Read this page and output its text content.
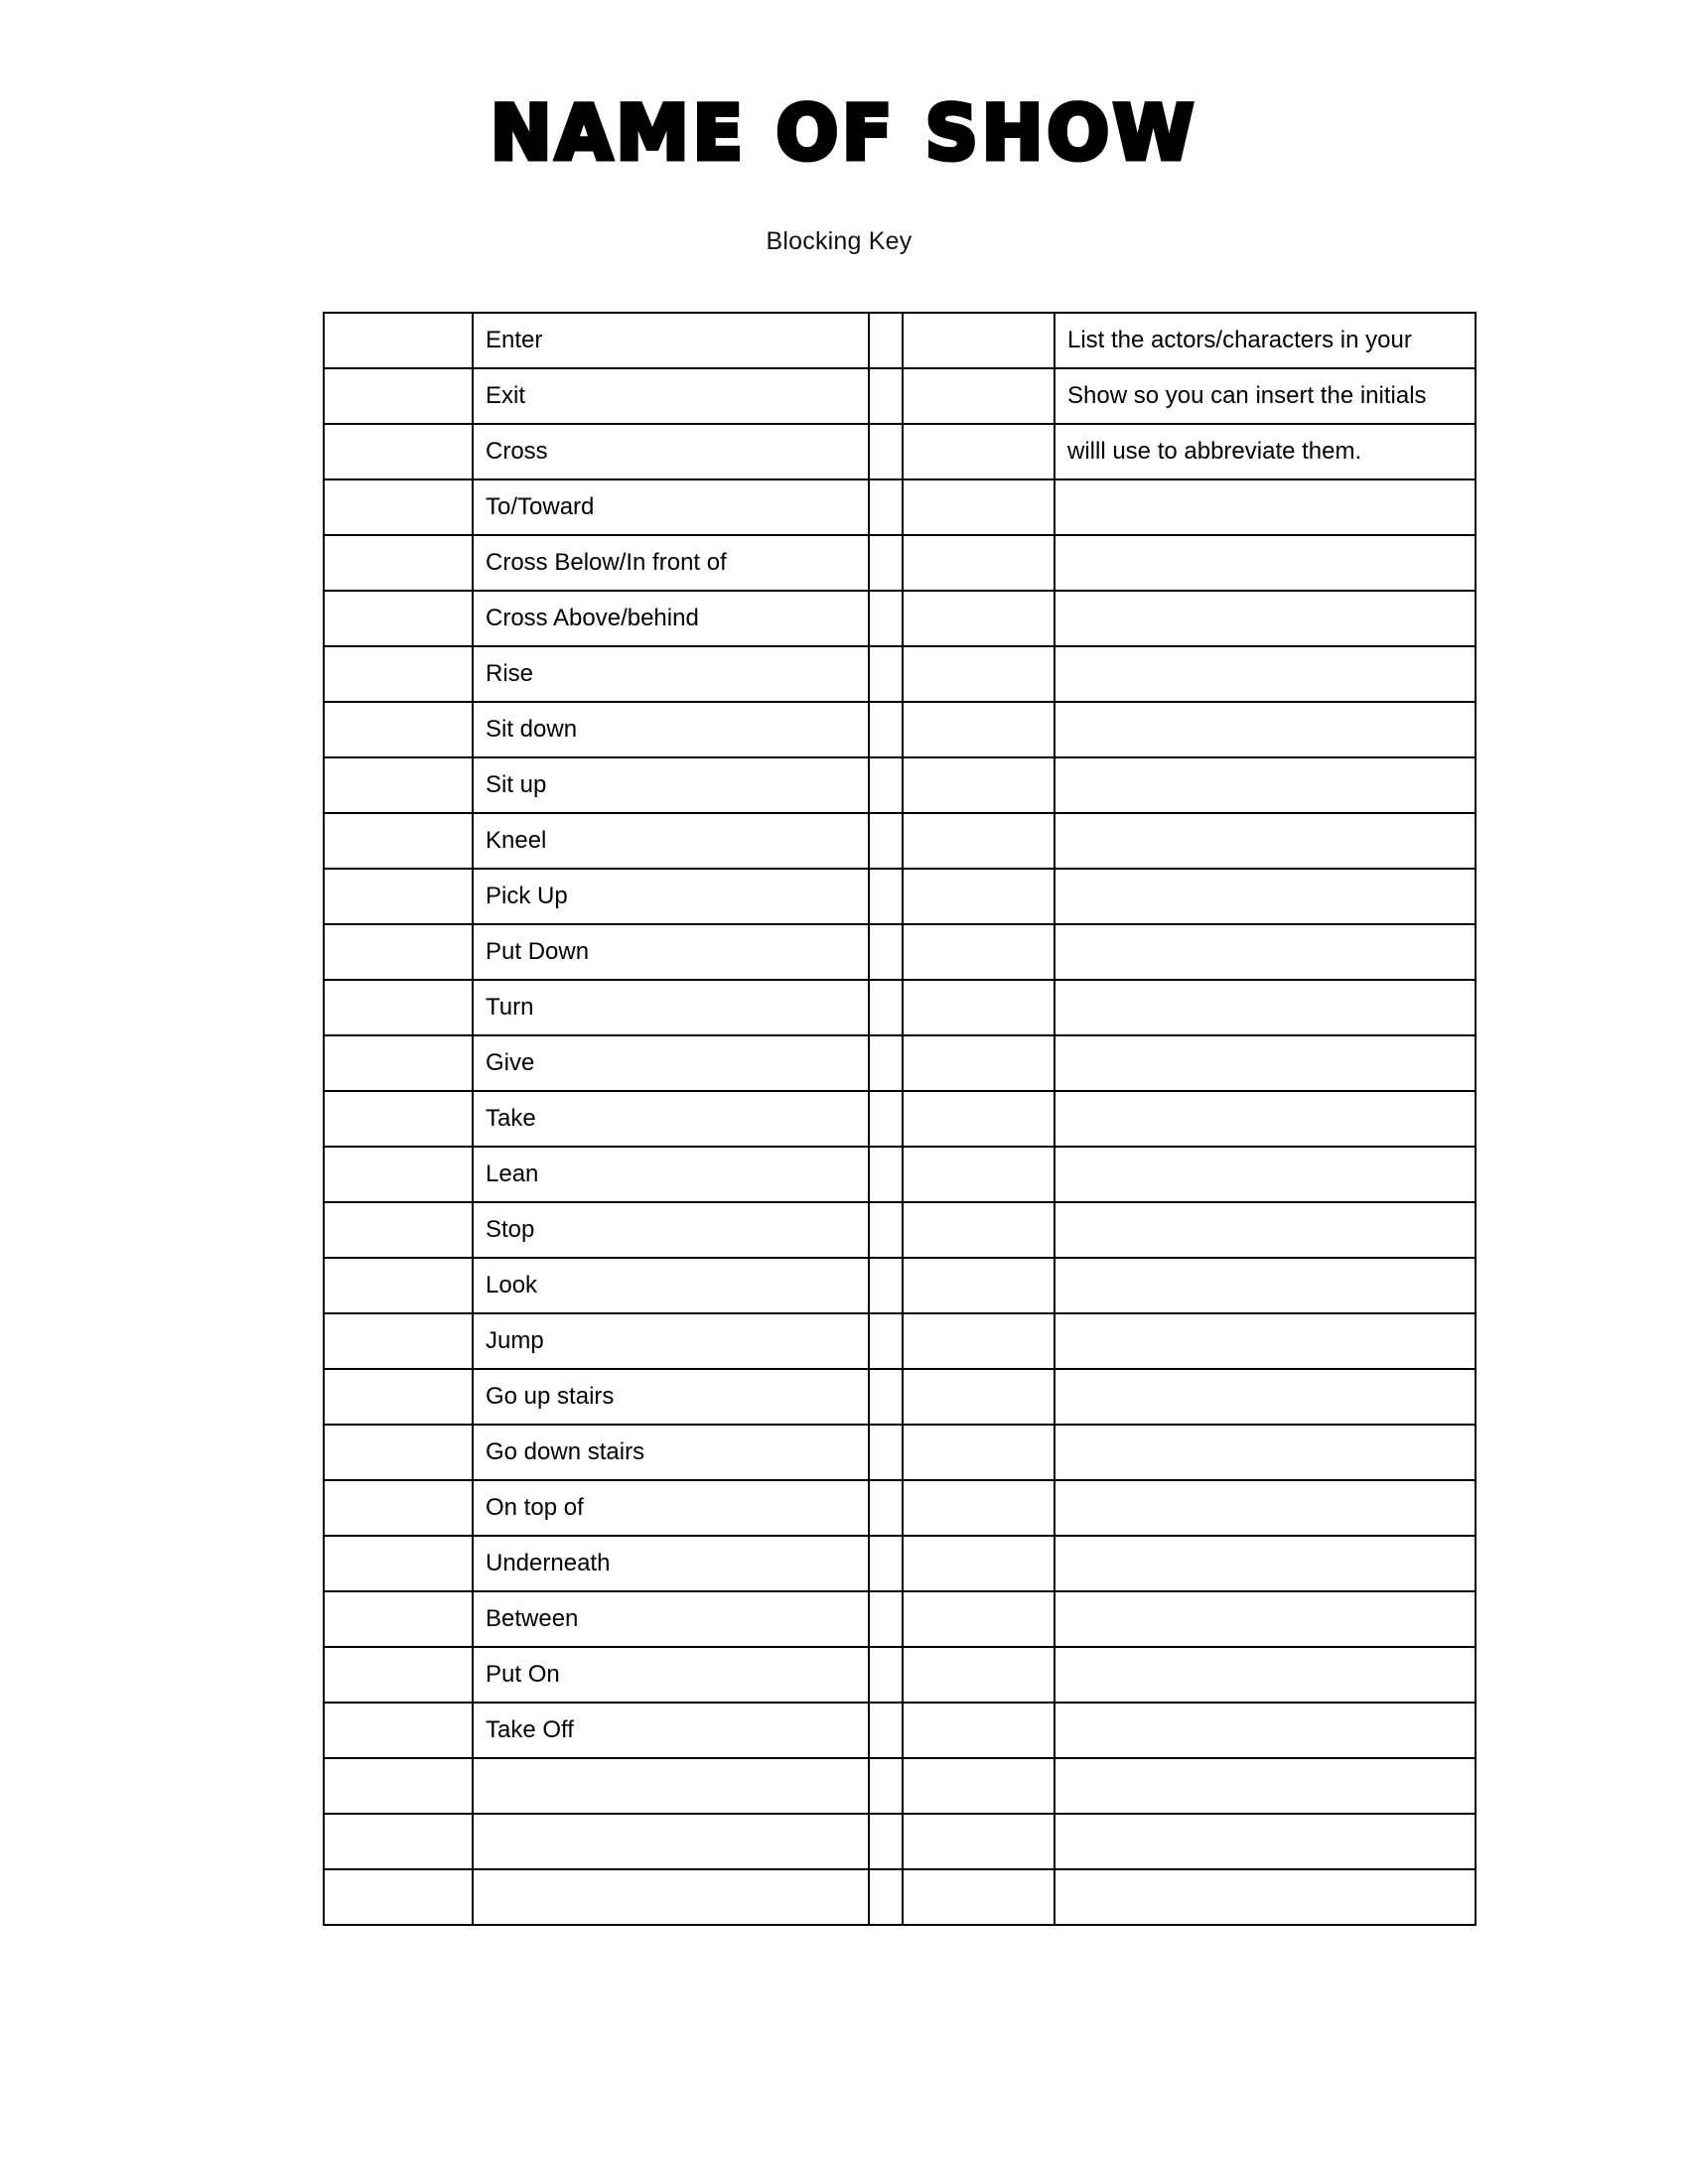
NAME OF SHOW
Blocking Key
	Enter			List the actors/characters in your
	Exit			Show so you can insert the initials
	Cross			willl use to abbreviate them.
	To/Toward			
	Cross Below/In front of			
	Cross Above/behind			
	Rise			
	Sit down			
	Sit up			
	Kneel			
	Pick Up			
	Put Down			
	Turn			
	Give			
	Take			
	Lean			
	Stop			
	Look			
	Jump			
	Go up stairs			
	Go down stairs			
	On top of			
	Underneath			
	Between			
	Put On			
	Take Off			
